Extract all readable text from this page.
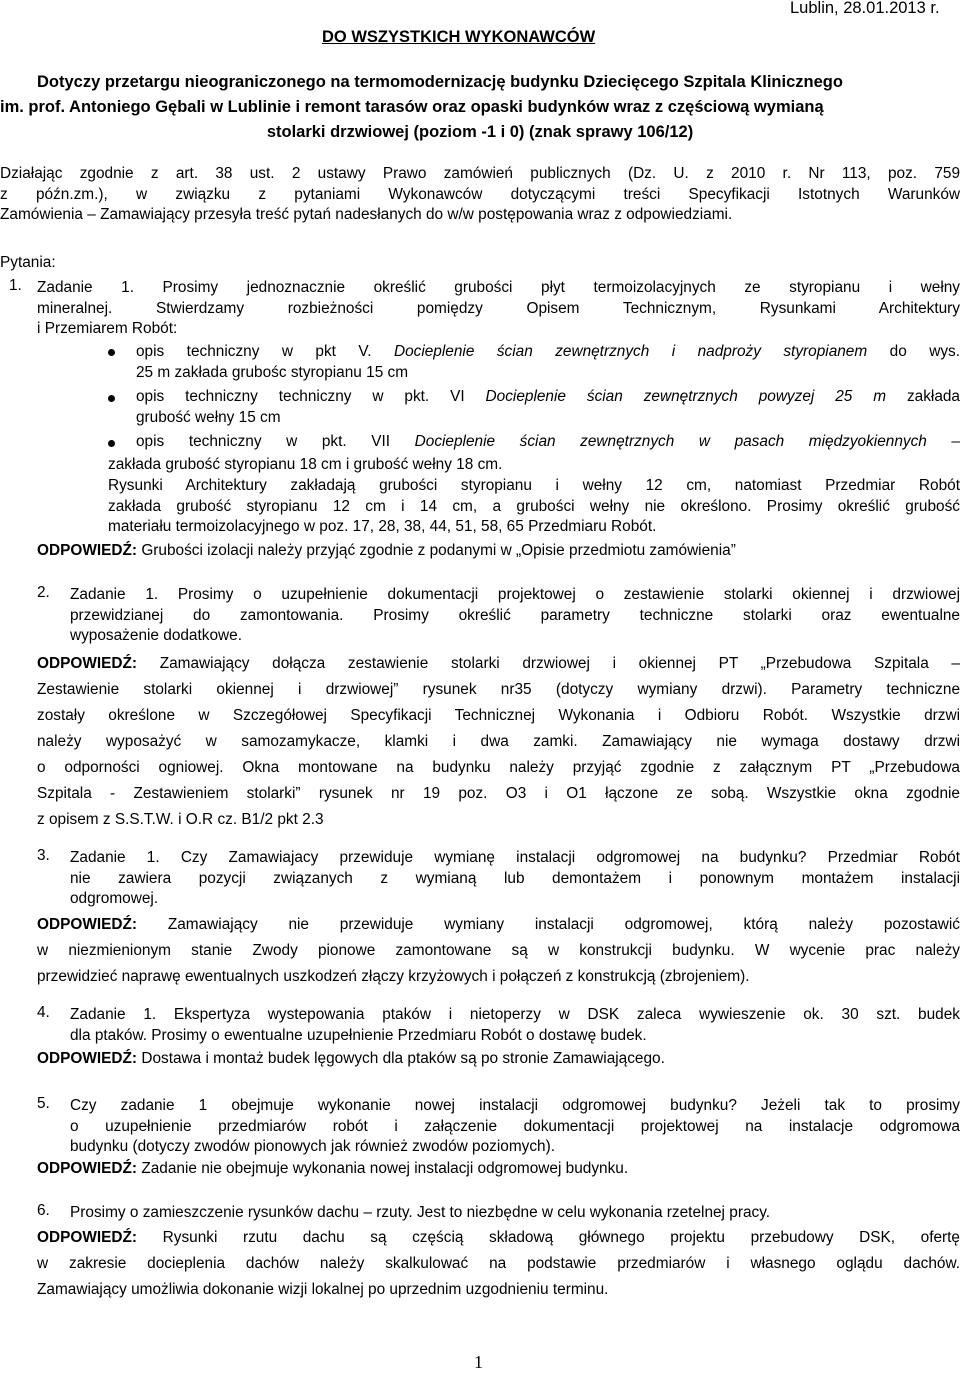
DO WSZYSTKICH WYKONAWCÓW
Lublin, 28.01.2013 r.
Dotyczy przetargu nieograniczonego na termomodernizację budynku Dziecięcego Szpitala Klinicznego
im. prof. Antoniego Gębali w Lublinie i remont tarasów oraz opaski budynków wraz z częściową wymianą
stolarki drzwiowej (poziom -1 i 0) (znak sprawy 106/12)
Działając zgodnie z art. 38 ust. 2 ustawy Prawo zamówień publicznych (Dz. U. z 2010 r. Nr 113, poz. 759
z późn.zm.), w związku z pytaniami Wykonawców dotyczącymi treści Specyfikacji Istotnych Warunków
Zamówienia – Zamawiający przesyła treść pytań nadesłanych do w/w postępowania wraz z odpowiedziami.
Pytania:
1. Zadanie 1. Prosimy jednoznacznie określić grubości płyt termoizolacyjnych ze styropianu i wełny
mineralnej. Stwierdzamy rozbieżności pomiędzy Opisem Technicznym, Rysunkami Architektury
i Przemiarem Robót:
opis techniczny w pkt V. Docieplenie ścian zewnętrznych i nadproży styropianem do wys.
25 m zakłada grubośc styropianu 15 cm
opis techniczny techniczny w pkt. VI Docieplenie ścian zewnętrznych powyzej 25 m zakłada
grubość wełny 15 cm
opis techniczny w pkt. VII Docieplenie ścian zewnętrznych w pasach międzyokiennych –
zakłada grubość styropianu 18 cm i grubość wełny 18 cm.
Rysunki Architektury zakładają grubości styropianu i wełny 12 cm, natomiast Przedmiar Robót
zakłada grubość styropianu 12 cm i 14 cm, a grubości wełny nie określono. Prosimy określić grubość
materiału termoizolacyjnego w poz. 17, 28, 38, 44, 51, 58, 65 Przedmiaru Robót.
ODPOWIEDŹ: Grubości izolacji należy przyjąć zgodnie z podanymi w „Opisie przedmiotu zamówienia”
2. Zadanie 1. Prosimy o uzupełnienie dokumentacji projektowej o zestawienie stolarki okiennej i drzwiowej
przewidzianej do zamontowania. Prosimy określić parametry techniczne stolarki oraz ewentualne
wyposażenie dodatkowe.
ODPOWIEDŹ: Zamawiający dołącza zestawienie stolarki drzwiowej i okiennej PT „Przebudowa Szpitala –
Zestawienie stolarki okiennej i drzwiowej” rysunek nr35 (dotyczy wymiany drzwi). Parametry techniczne
zostały określone w Szczegółowej Specyfikacji Technicznej Wykonania i Odbioru Robót. Wszystkie drzwi
należy wyposażyć w samozamykacze, klamki i dwa zamki. Zamawiający nie wymaga dostawy drzwi
o odporności ogniowej. Okna montowane na budynku należy przyjąć zgodnie z załącznym PT „Przebudowa
Szpitala - Zestawieniem stolarki” rysunek nr 19 poz. O3 i O1 łączone ze sobą. Wszystkie okna zgodnie
z opisem z S.S.T.W. i O.R cz. B1/2 pkt 2.3
3. Zadanie 1. Czy Zamawiajacy przewiduje wymianę instalacji odgromowej na budynku? Przedmiar Robót
nie zawiera pozycji związanych z wymianą lub demontażem i ponownym montażem instalacji
odgromowej.
ODPOWIEDŹ: Zamawiający nie przewiduje wymiany instalacji odgromowej, którą należy pozostawić
w niezmienionym stanie Zwody pionowe zamontowane są w konstrukcji budynku. W wycenie prac należy
przewidzieć naprawę ewentualnych uszkodzeń złączy krzyżowych i połączeń z konstrukcją (zbrojeniem).
4. Zadanie 1. Ekspertyza wystepowania ptaków i nietoperzy w DSK zaleca wywieszenie ok. 30 szt. budek
dla ptaków. Prosimy o ewentualne uzupełnienie Przedmiaru Robót o dostawę budek.
ODPOWIEDŹ: Dostawa i montaż budek lęgowych dla ptaków są po stronie Zamawiającego.
5. Czy zadanie 1 obejmuje wykonanie nowej instalacji odgromowej budynku? Jeżeli tak to prosimy
o uzupełnienie przedmiarów robót i załączenie dokumentacji projektowej na instalacje odgromowa
budynku (dotyczy zwodów pionowych jak również zwodów poziomych).
ODPOWIEDŹ: Zadanie nie obejmuje wykonania nowej instalacji odgromowej budynku.
6. Prosimy o zamieszczenie rysunków dachu – rzuty. Jest to niezbędne w celu wykonania rzetelnej pracy.
ODPOWIEDŹ: Rysunki rzutu dachu są częścią składową głównego projektu przebudowy DSK, ofertę
w zakresie docieplenia dachów należy skalkulować na podstawie przedmiarów i własnego oglądu dachów.
Zamawiający umożliwia dokonanie wizji lokalnej po uprzednim uzgodnieniu terminu.
1
